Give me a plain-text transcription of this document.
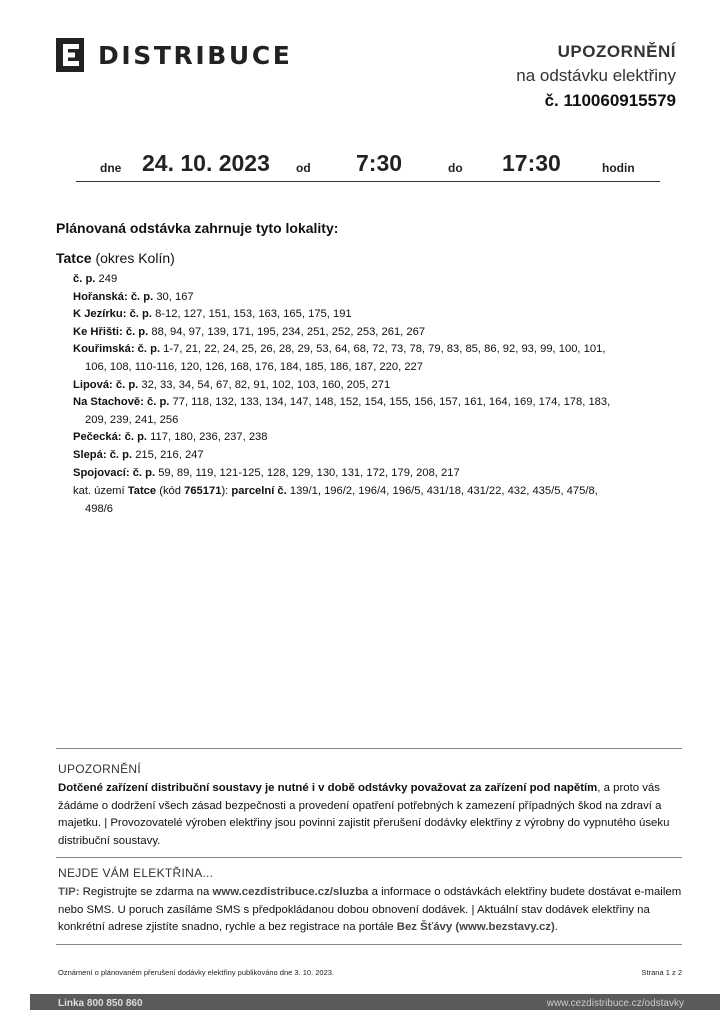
DISTRIBUCE	UPOZORNĚNÍ
na odstávku elektřiny
č. 110060915579
dne 24. 10. 2023 od 7:30	do 17:30	hodin
Plánovaná odstávka zahrnuje tyto lokality:
Tatce (okres Kolín)
č. p. 249
Hořanská: č. p. 30, 167
K Jezírku: č. p. 8-12, 127, 151, 153, 163, 165, 175, 191
Ke Hřišti: č. p. 88, 94, 97, 139, 171, 195, 234, 251, 252, 253, 261, 267
Kouřimská: č. p. 1-7, 21, 22, 24, 25, 26, 28, 29, 53, 64, 68, 72, 73, 78, 79, 83, 85, 86, 92, 93, 99, 100, 101,
106, 108, 110-116, 120, 126, 168, 176, 184, 185, 186, 187, 220, 227
Lipová: č. p. 32, 33, 34, 54, 67, 82, 91, 102, 103, 160, 205, 271
Na Stachově: č. p. 77, 118, 132, 133, 134, 147, 148, 152, 154, 155, 156, 157, 161, 164, 169, 174, 178, 183,
209, 239, 241, 256
Pečecká: č. p. 117, 180, 236, 237, 238
Slepá: č. p. 215, 216, 247
Spojovací: č. p. 59, 89, 119, 121-125, 128, 129, 130, 131, 172, 179, 208, 217
kat. území Tatce (kód 765171): parcelní č. 139/1, 196/2, 196/4, 196/5, 431/18, 431/22, 432, 435/5, 475/8,
498/6
UPOZORNĚNÍ
Dotčené zařízení distribuční soustavy je nutné i v době odstávky považovat za zařízení pod napětím, a proto vás žádáme o dodržení všech zásad bezpečnosti a provedení opatření potřebných k zamezení případných škod na zdraví a majetku. | Provozovatelé výroben elektřiny jsou povinni zajistit přerušení dodávky elektřiny z výrobny do vypnutého úseku distribuční soustavy.
NEJDE VÁM ELEKTŘINA...
TIP: Registrujte se zdarma na www.cezdistribuce.cz/sluzba a informace o odstávkách elektřiny budete dostávat e-mailem nebo SMS. U poruch zasíláme SMS s předpokládanou dobou obnovení dodávek. | Aktuální stav dodávek elektřiny na konkrétní adrese zjistíte snadno, rychle a bez registrace na portále Bez Šťávy (www.bezstavy.cz).
Oznámení o plánovaném přerušení dodávky elektřiny publikováno dne 3. 10. 2023.	Strana 1 z 2
Linka 800 850 860	www.cezdistribuce.cz/odstavky
